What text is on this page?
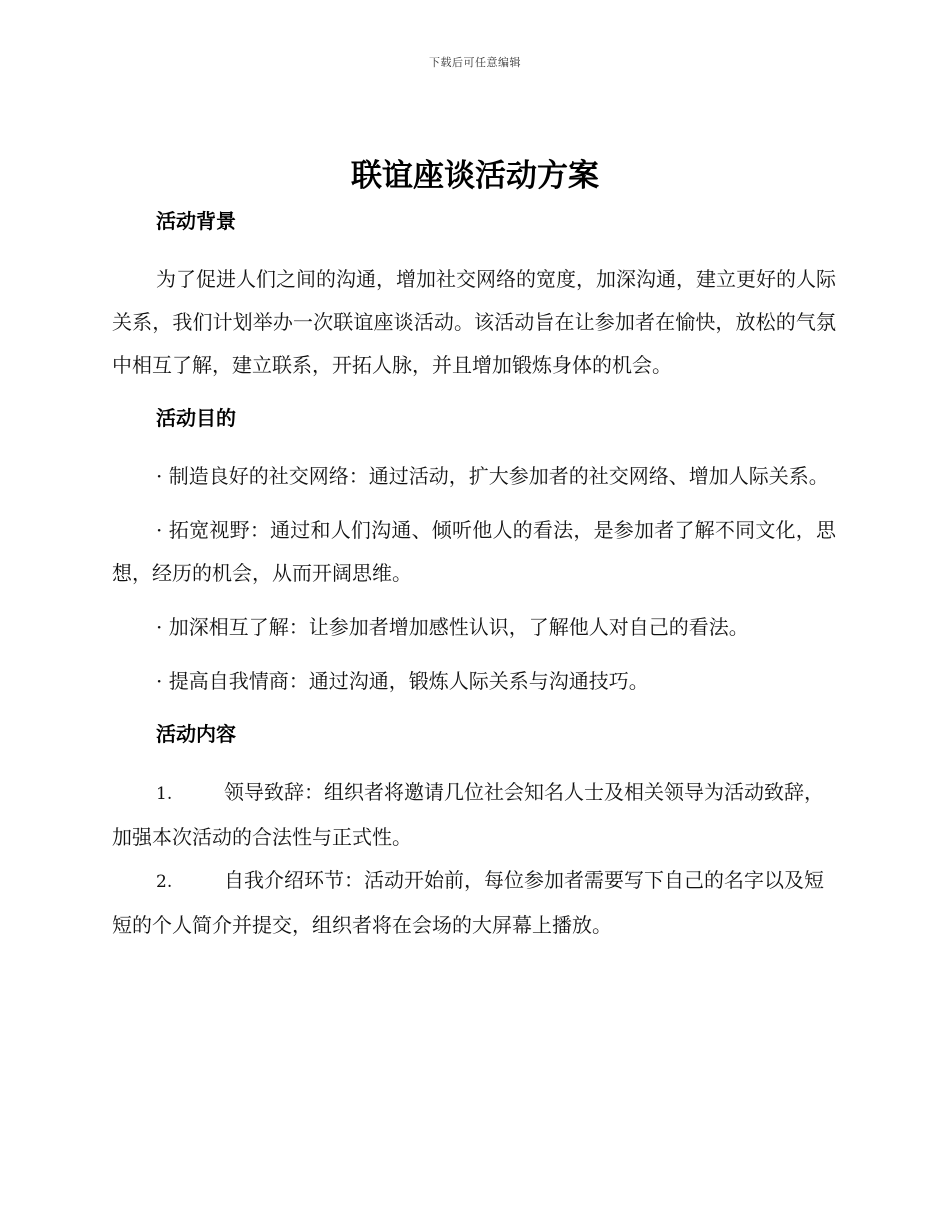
下载后可任意编辑
联谊座谈活动方案
活动背景

为了促进人们之间的沟通，增加社交网络的宽度，加深沟通，建立更好的人际关系，我们计划举办一次联谊座谈活动。该活动旨在让参加者在愉快，放松的气氛中相互了解，建立联系，开拓人脉，并且增加锻炼身体的机会。

活动目的

· 制造良好的社交网络：通过活动，扩大参加者的社交网络、增加人际关系。

· 拓宽视野：通过和人们沟通、倾听他人的看法，是参加者了解不同文化，思想，经历的机会，从而开阔思维。

· 加深相互了解：让参加者增加感性认识，了解他人对自己的看法。

· 提高自我情商：通过沟通，锻炼人际关系与沟通技巧。

活动内容

1.	领导致辞：组织者将邀请几位社会知名人士及相关领导为活动致辞，加强本次活动的合法性与正式性。

2.	自我介绍环节：活动开始前，每位参加者需要写下自己的名字以及短短的个人简介并提交，组织者将在会场的大屏幕上播放。
